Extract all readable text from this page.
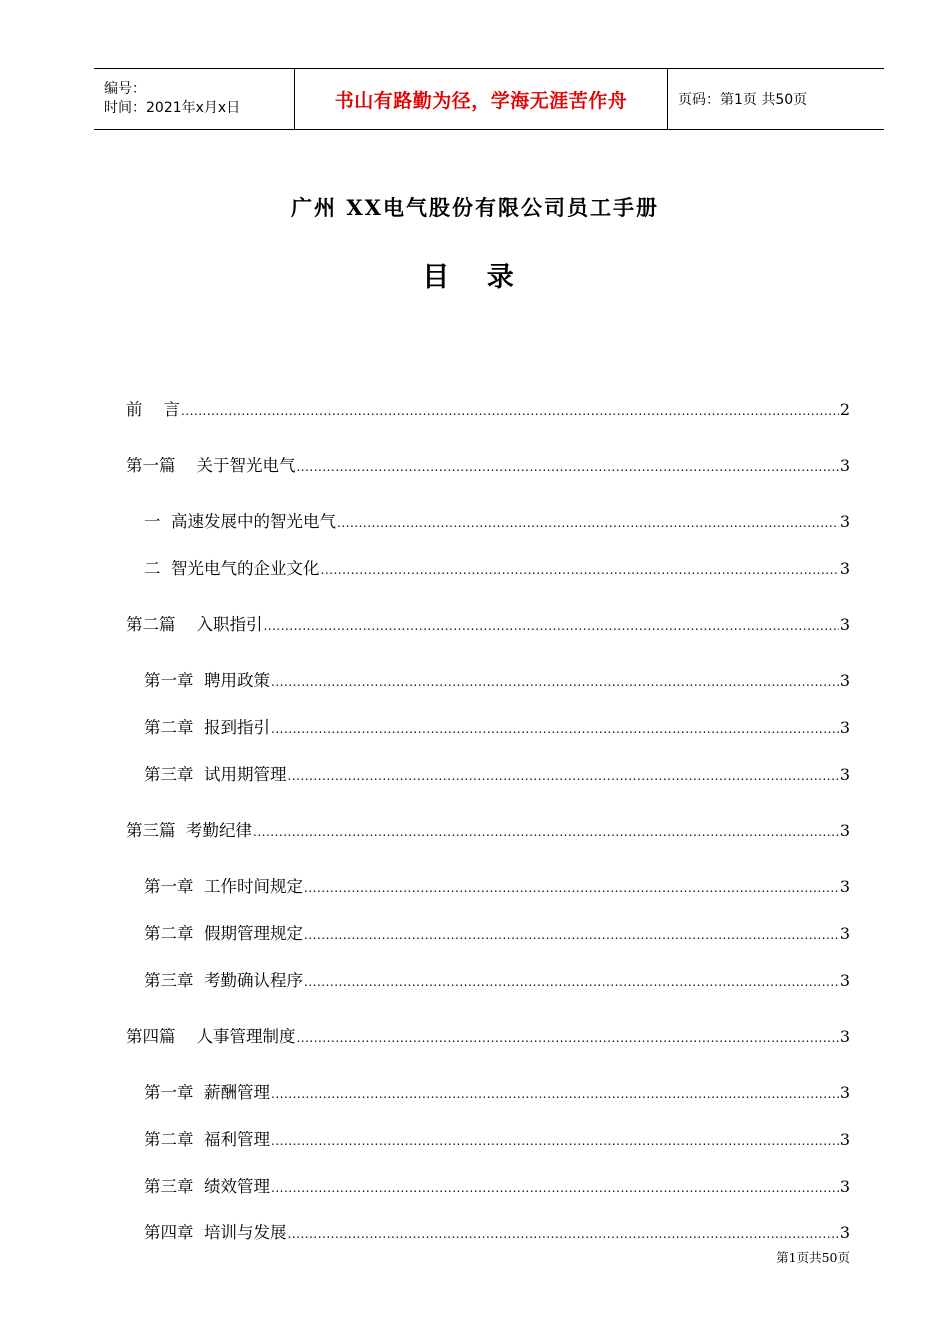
编号：
时间：2021年x月x日	书山有路勤为径，学海无涯苦作舟	页码：第1页 共50页
广州 XX电气股份有限公司员工手册
目 录
前    言 .....	2
第一篇    关于智光电气 .....	3
一  高速发展中的智光电气 .....	3
二  智光电气的企业文化 .....	3
第二篇    入职指引 .....	3
第一章  聘用政策 .....	3
第二章  报到指引 .....	3
第三章  试用期管理 .....	3
第三篇  考勤纪律 .....	3
第一章  工作时间规定 .....	3
第二章  假期管理规定 .....	3
第三章  考勤确认程序 .....	3
第四篇    人事管理制度 .....	3
第一章  薪酬管理 .....	3
第二章  福利管理 .....	3
第三章  绩效管理 .....	3
第四章  培训与发展 .....	3
第1页共50页
